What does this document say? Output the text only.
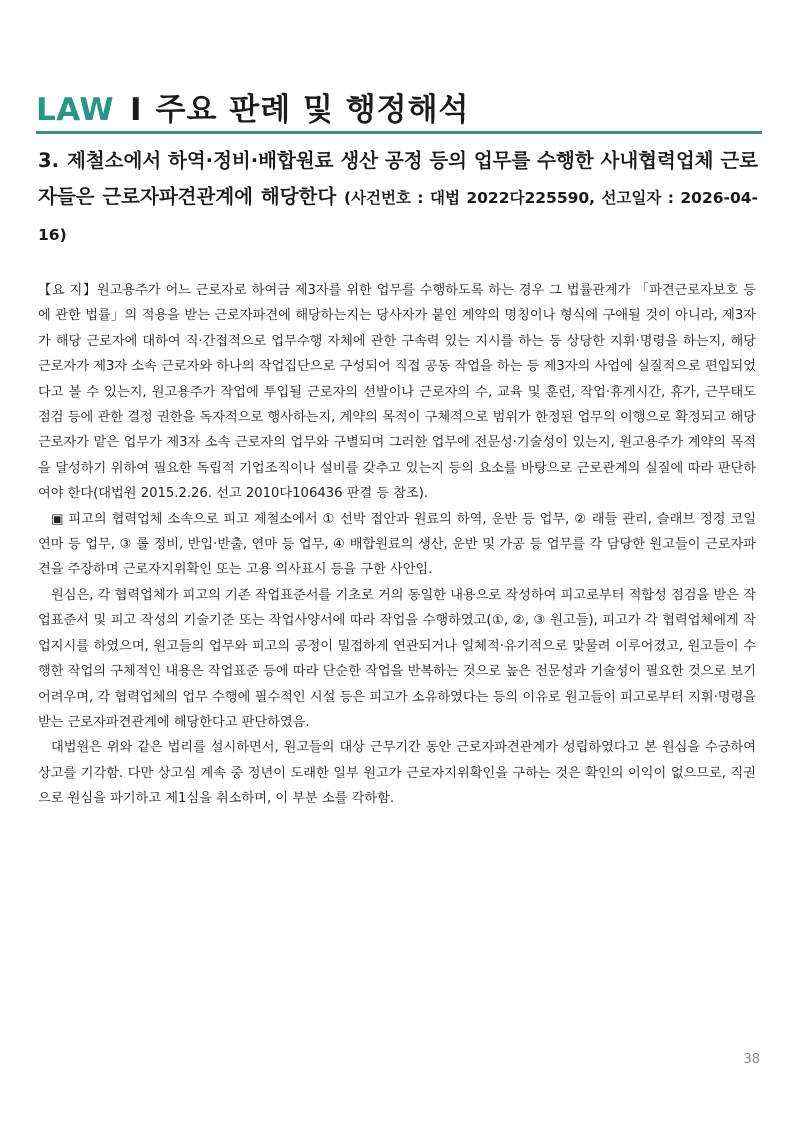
LAW I 주요 판례 및 행정해석
3. 제철소에서 하역·정비·배합원료 생산 공정 등의 업무를 수행한 사내협력업체 근로자들은 근로자파견관계에 해당한다 (사건번호 : 대법 2022다225590, 선고일자 : 2026-04-16)

【요 지】원고용주가 어느 근로자로 하여금 제3자를 위한 업무를 수행하도록 하는 경우 그 법률관계가 「파견근로자보호 등에 관한 법률」의 적용을 받는 근로자파견에 해당하는지는 당사자가 붙인 계약의 명칭이나 형식에 구애될 것이 아니라, 제3자가 해당 근로자에 대하여 직·간접적으로 업무수행 자체에 관한 구속력 있는 지시를 하는 등 상당한 지휘·명령을 하는지, 해당 근로자가 제3자 소속 근로자와 하나의 작업집단으로 구성되어 직접 공동 작업을 하는 등 제3자의 사업에 실질적으로 편입되었다고 볼 수 있는지, 원고용주가 작업에 투입될 근로자의 선발이나 근로자의 수, 교육 및 훈련, 작업·휴게시간, 휴가, 근무태도 점검 등에 관한 결정 권한을 독자적으로 행사하는지, 계약의 목적이 구체적으로 범위가 한정된 업무의 이행으로 확정되고 해당 근로자가 맡은 업무가 제3자 소속 근로자의 업무와 구별되며 그러한 업무에 전문성·기술성이 있는지, 원고용주가 계약의 목적을 달성하기 위하여 필요한 독립적 기업조직이나 설비를 갖추고 있는지 등의 요소를 바탕으로 근로관계의 실질에 따라 판단하여야 한다(대법원 2015.2.26. 선고 2010다106436 판결 등 참조).

▣ 피고의 협력업체 소속으로 피고 제철소에서 ① 선박 접안과 원료의 하역, 운반 등 업무, ② 래들 관리, 슬래브 정정 코일 연마 등 업무, ③ 롤 정비, 반입·반출, 연마 등 업무, ④ 배합원료의 생산, 운반 및 가공 등 업무를 각 담당한 원고들이 근로자파견을 주장하며 근로자지위확인 또는 고용 의사표시 등을 구한 사안임.

원심은, 각 협력업체가 피고의 기존 작업표준서를 기초로 거의 동일한 내용으로 작성하여 피고로부터 적합성 점검을 받은 작업표준서 및 피고 작성의 기술기준 또는 작업사양서에 따라 작업을 수행하였고(①, ②, ③ 원고들), 피고가 각 협력업체에게 작업지시를 하였으며, 원고들의 업무와 피고의 공정이 밀접하게 연관되거나 일체적·유기적으로 맞물려 이루어졌고, 원고들이 수행한 작업의 구체적인 내용은 작업표준 등에 따라 단순한 작업을 반복하는 것으로 높은 전문성과 기술성이 필요한 것으로 보기 어려우며, 각 협력업체의 업무 수행에 필수적인 시설 등은 피고가 소유하였다는 등의 이유로 원고들이 피고로부터 지휘·명령을 받는 근로자파견관계에 해당한다고 판단하였음.

대법원은 위와 같은 법리를 설시하면서, 원고들의 대상 근무기간 동안 근로자파견관계가 성립하였다고 본 원심을 수긍하여 상고를 기각함. 다만 상고심 계속 중 정년이 도래한 일부 원고가 근로자지위확인을 구하는 것은 확인의 이익이 없으므로, 직권으로 원심을 파기하고 제1심을 취소하며, 이 부분 소를 각하함.

38
